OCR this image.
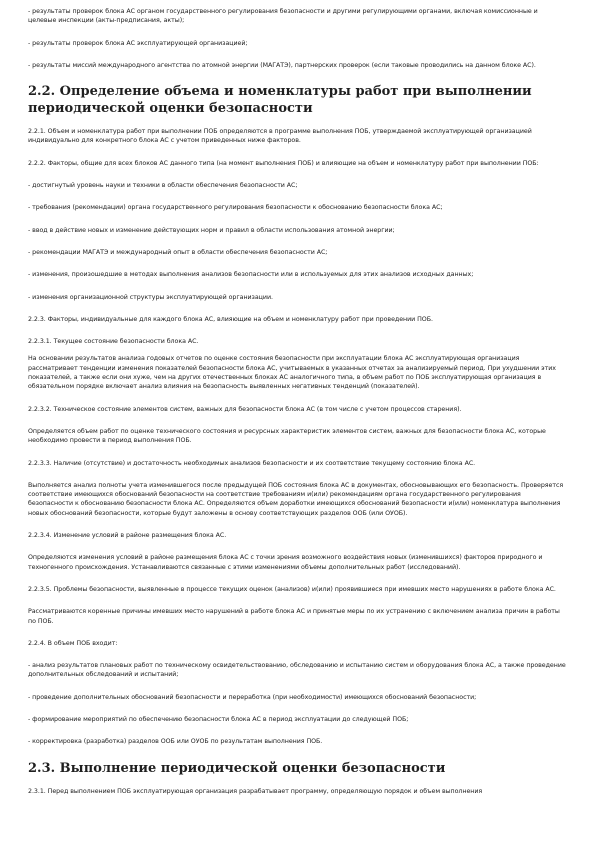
- результаты проверок блока АС органом государственного регулирования безопасности и другими регулирующими органами, включая комиссионные и целевые инспекции (акты-предписания, акты);
- результаты проверок блока АС эксплуатирующей организацией;
- результаты миссий международного агентства по атомной энергии (МАГАТЭ), партнерских проверок (если таковые проводились на данном блоке АС).
2.2. Определение объема и номенклатуры работ при выполнении периодической оценки безопасности
2.2.1. Объем и номенклатура работ при выполнении ПОБ определяются в программе выполнения ПОБ, утверждаемой эксплуатирующей организацией индивидуально для конкретного блока АС с учетом приведенных ниже факторов.
2.2.2. Факторы, общие для всех блоков АС данного типа (на момент выполнения ПОБ) и влияющие на объем и номенклатуру работ при выполнении ПОБ:
- достигнутый уровень науки и техники в области обеспечения безопасности АС;
- требования (рекомендации) органа государственного регулирования безопасности к обоснованию безопасности блока АС;
- ввод в действие новых и изменение действующих норм и правил в области использования атомной энергии;
- рекомендации МАГАТЭ и международный опыт в области обеспечения безопасности АС;
- изменения, произошедшие в методах выполнения анализов безопасности или в используемых для этих анализов исходных данных;
- изменения организационной структуры эксплуатирующей организации.
2.2.3. Факторы, индивидуальные для каждого блока АС, влияющие на объем и номенклатуру работ при проведении ПОБ.
2.2.3.1. Текущее состояние безопасности блока АС.
На основании результатов анализа годовых отчетов по оценке состояния безопасности при эксплуатации блока АС эксплуатирующая организация рассматривает тенденции изменения показателей безопасности блока АС, учитываемых в указанных отчетах за анализируемый период. При ухудшении этих показателей, а также если они хуже, чем на других отечественных блоках АС аналогичного типа, в объем работ по ПОБ эксплуатирующая организация в обязательном порядке включает анализ влияния на безопасность выявленных негативных тенденций (показателей).
2.2.3.2. Техническое состояние элементов систем, важных для безопасности блока АС (в том числе с учетом процессов старения).
Определяется объем работ по оценке технического состояния и ресурсных характеристик элементов систем, важных для безопасности блока АС, которые необходимо провести в период выполнения ПОБ.
2.2.3.3. Наличие (отсутствие) и достаточность необходимых анализов безопасности и их соответствие текущему состоянию блока АС.
Выполняется анализ полноты учета изменившегося после предыдущей ПОБ состояния блока АС в документах, обосновывающих его безопасность. Проверяется соответствие имеющихся обоснований безопасности на соответствие требованиям и(или) рекомендациям органа государственного регулирования безопасности к обоснованию безопасности блока АС. Определяются объем доработки имеющихся обоснований безопасности и(или) номенклатура выполнения новых обоснований безопасности, которые будут заложены в основу соответствующих разделов ООБ (или ОУОБ).
2.2.3.4. Изменение условий в районе размещения блока АС.
Определяются изменения условий в районе размещения блока АС с точки зрения возможного воздействия новых (изменившихся) факторов природного и техногенного происхождения. Устанавливаются связанные с этими изменениями объемы дополнительных работ (исследований).
2.2.3.5. Проблемы безопасности, выявленные в процессе текущих оценок (анализов) и(или) проявившиеся при имевших место нарушениях в работе блока АС.
Рассматриваются коренные причины имевших место нарушений в работе блока АС и принятые меры по их устранению с включением анализа причин в работы по ПОБ.
2.2.4. В объем ПОБ входит:
- анализ результатов плановых работ по техническому освидетельствованию, обследованию и испытанию систем и оборудования блока АС, а также проведение дополнительных обследований и испытаний;
- проведение дополнительных обоснований безопасности и переработка (при необходимости) имеющихся обоснований безопасности;
- формирование мероприятий по обеспечению безопасности блока АС в период эксплуатации до следующей ПОБ;
- корректировка (разработка) разделов ООБ или ОУОБ по результатам выполнения ПОБ.
2.3. Выполнение периодической оценки безопасности
2.3.1. Перед выполнением ПОБ эксплуатирующая организация разрабатывает программу, определяющую порядок и объем выполнения
